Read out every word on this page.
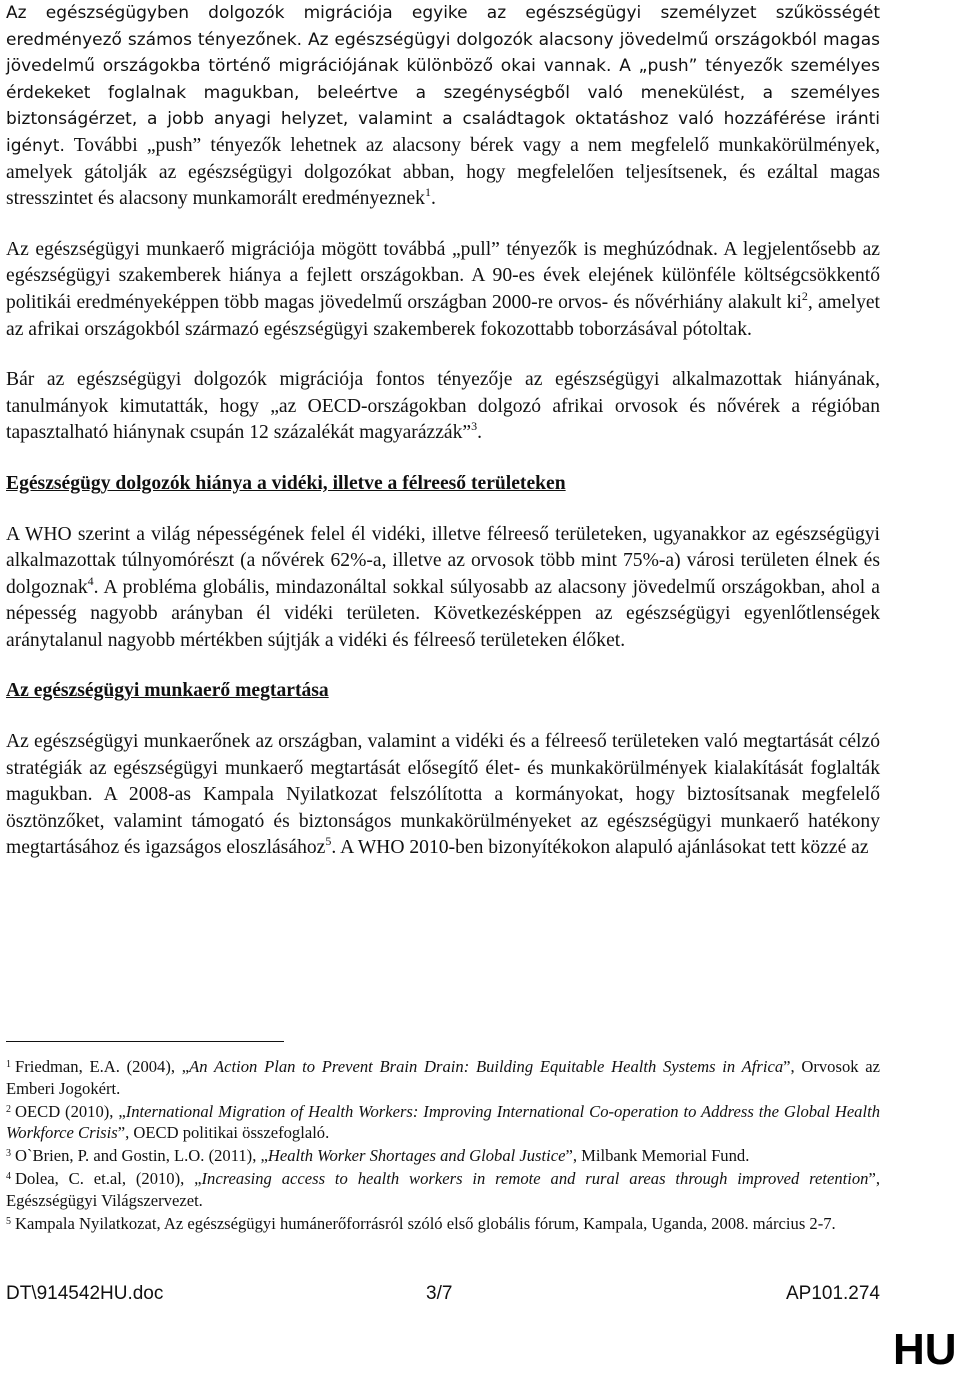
Az egészségügyben dolgozók migrációja egyike az egészségügyi személyzet szűkösségét eredményező számos tényezőnek. Az egészségügyi dolgozók alacsony jövedelmű országokból magas jövedelmű országokba történő migrációjának különböző okai vannak. A „push” tényezők személyes érdekeket foglalnak magukban, beleértve a szegénységből való menekülést, a személyes biztonságérzet, a jobb anyagi helyzet, valamint a családtagok oktatáshoz való hozzáférése iránti igényt. További „push” tényezők lehetnek az alacsony bérek vagy a nem megfelelő munkakörülmények, amelyek gátolják az egészségügyi dolgozókat abban, hogy megfelelően teljesítsenek, és ezáltal magas stresszintet és alacsony munkamorált eredményeznek$^1$.

Az egészségügyi munkaerő migrációja mögött továbbá „pull” tényezők is meghúzódnak. A legjelentősebb az egészségügyi szakemberek hiánya a fejlett országokban. A 90-es évek elejének különféle költségcsökkentő politikái eredményeképpen több magas jövedelmű országban 2000-re orvos- és nővérhiány alakult $ki^2$, amelyet az afrikai országokból származó egészségügyi szakemberek fokozottabb toborzásával pótoltak.

Bár az egészségügyi dolgozók migrációja fontos tényezője az egészségügyi alkalmazottak hiányának, tanulmányok kimutatták, hogy „az OECD-országokban dolgozó afrikai orvosok és nővérek a régióban tapasztalható hiánynak csupán 12 százalékát magyarázzák”$^3$.

Egészségügy dolgozók hiánya a vidéki, illetve a félreeső területeken

A WHO szerint a világ népességének felel él vidéki, illetve félreeső területeken, ugyanakkor az egészségügyi alkalmazottak túlnyomórészt (a nővérek 62%-a, illetve az orvosok több mint 75%-a) városi területen élnek és dolgoznak$^4$. A probléma globális, mindazonáltal sokkal súlyosabb az alacsony jövedelmű országokban, ahol a népesség nagyobb arányban él vidéki területen. Következésképpen az egészségügyi egyenlőtlenségek aránytalanul nagyobb mértékben sújtják a vidéki és félreeső területeken élőket.

Az egészségügyi munkaerő megtartása

Az egészségügyi munkaerőnek az országban, valamint a vidéki és a félreeső területeken való megtartását célzó stratégiák az egészségügyi munkaerő megtartását elősegítő élet- és munkakörülmények kialakítását foglalták magukban. A 2008-as Kampala Nyilatkozat felszólította a kormányokat, hogy biztosítsanak megfelelő ösztönzőket, valamint támogató és biztonságos munkakörülményeket az egészségügyi munkaerő hatékony megtartásához és igazságos eloszlásához$^5$. A WHO 2010-ben bizonyítékokon alapuló ajánlásokat tett közzé az

$^1$ Friedman, E.A. (2004), „An Action Plan to Prevent Brain Drain: Building Equitable Health Systems in Africa”, Orvosok az Emberi Jogokért.

$^2$ OECD (2010), „International Migration of Health Workers: Improving International Co-operation to Address the Global Health Workforce Crisis”, OECD politikai összefoglaló.

$^3$ O`Brien, P. and Gostin, L.O. (2011), „Health Worker Shortages and Global Justice”, Milbank Memorial Fund.

$^4$ Dolea, C. et.al, (2010), „Increasing access to health workers in remote and rural areas through improved retention”, Egészségügyi Világszervezet.

$^5$ Kampala Nyilatkozat, Az egészségügyi humánerőforrásról szóló első globális fórum, Kampala, Uganda, 2008. március 2-7.

DT\914542HU.doc	3/7	AP101.274
HU
